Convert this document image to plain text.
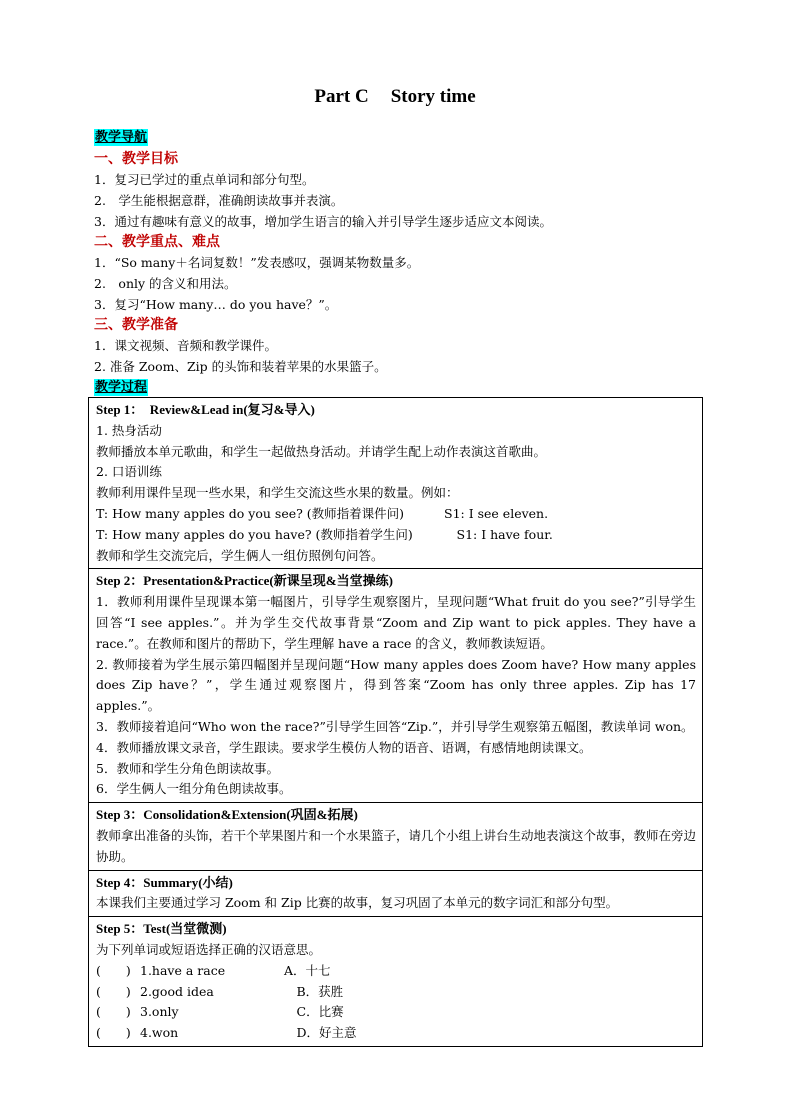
Part C Story time
教学导航
一、教学目标
1．复习已学过的重点单词和部分句型。
2.　学生能根据意群，准确朗读故事并表演。
3．通过有趣味有意义的故事，增加学生语言的输入并引导学生逐步适应文本阅读。
二、教学重点、难点
1．“So many＋名词复数！”发表感叹，强调某物数量多。
2.　only 的含义和用法。
3．复习“How many… do you have？”。
三、教学准备
1．课文视频、音频和教学课件。
2. 准备 Zoom、Zip 的头饰和装着苹果的水果篮子。
教学过程
Step 1：　Review&Lead in(复习&导入)
1. 热身活动
教师播放本单元歌曲，和学生一起做热身活动。并请学生配上动作表演这首歌曲。
2. 口语训练
教师利用课件呈现一些水果，和学生交流这些水果的数量。例如：
T: How many apples do you see? (教师指着课件问)	S1: I see eleven.
T: How many apples do you have? (教师指着学生问)	　S1: I have four.
教师和学生交流完后，学生俩人一组仿照例句问答。

Step 2：Presentation&Practice(新课呈现&当堂操练)
1．教师利用课件呈现课本第一幅图片，引导学生观察图片，呈现问题“What fruit do you see?”引导学生回答“I see apples.”。并为学生交代故事背景“Zoom and Zip want to pick apples. They have a race.”。在教师和图片的帮助下，学生理解 have a race 的含义，教师教读短语。
2. 教师接着为学生展示第四幅图并呈现问题“How many apples does Zoom have? How many apples does Zip have？”，学生通过观察图片，得到答案“Zoom has only three apples. Zip has 17 apples.”。
3．教师接着追问“Who won the race?”引导学生回答“Zip.”，并引导学生观察第五幅图，教读单词 won。
4．教师播放课文录音，学生跟读。要求学生模仿人物的语音、语调，有感情地朗读课文。
5．教师和学生分角色朗读故事。
6．学生俩人一组分角色朗读故事。

Step 3：Consolidation&Extension(巩固&拓展)
教师拿出准备的头饰，若干个苹果图片和一个水果篮子，请几个小组上讲台生动地表演这个故事，教师在旁边协助。

Step 4：Summary(小结)
本课我们主要通过学习 Zoom 和 Zip 比赛的故事，复习巩固了本单元的数字词汇和部分句型。

Step 5：Test(当堂微测)
为下列单词或短语选择正确的汉语意思。
(　　) 1.have a race	A．十七
(　　) 2.good idea	　B．获胜
(　　) 3.only	　C．比赛
(　　) 4.won	　D．好主意
